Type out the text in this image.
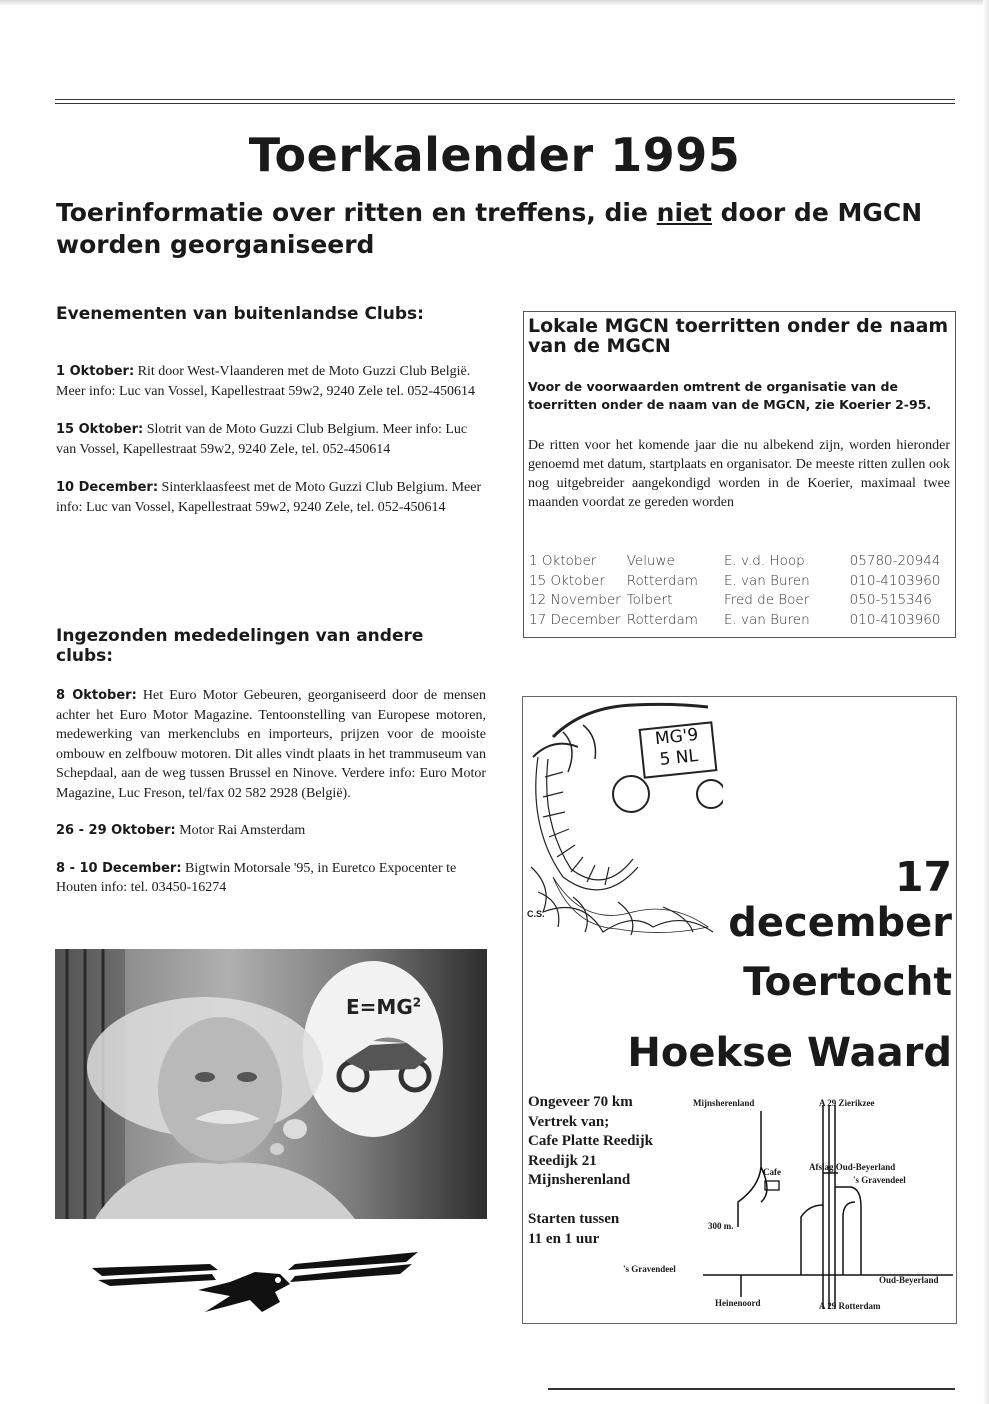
Toerkalender 1995
Toerinformatie over ritten en treffens, die niet door de MGCN
worden georganiseerd
Evenementen van buitenlandse Clubs:
1 Oktober: Rit door West-Vlaanderen met de Moto Guzzi Club België. Meer info: Luc van Vossel, Kapellestraat 59w2, 9240 Zele tel. 052-450614
15 Oktober: Slotrit van de Moto Guzzi Club Belgium. Meer info: Luc van Vossel, Kapellestraat 59w2, 9240 Zele, tel. 052-450614
10 December: Sinterklaasfeest met de Moto Guzzi Club Belgium. Meer info: Luc van Vossel, Kapellestraat 59w2, 9240 Zele, tel. 052-450614
Ingezonden mededelingen van andere clubs:
8 Oktober: Het Euro Motor Gebeuren, georganiseerd door de mensen achter het Euro Motor Magazine. Tentoonstelling van Europese motoren, medewerking van merkenclubs en importeurs, prijzen voor de mooiste ombouw en zelfbouw motoren. Dit alles vindt plaats in het trammuseum van Schepdaal, aan de weg tussen Brussel en Ninove. Verdere info: Euro Motor Magazine, Luc Freson, tel/fax 02 582 2928 (België).
26 - 29 Oktober: Motor Rai Amsterdam
8 - 10 December: Bigtwin Motorsale '95, in Euretco Expocenter te Houten info: tel. 03450-16274
Lokale MGCN toerritten onder de naam van de MGCN
Voor de voorwaarden omtrent de organisatie van de toerritten onder de naam van de MGCN, zie Koerier 2-95.
De ritten voor het komende jaar die nu albekend zijn, worden hieronder genoemd met datum, startplaats en organisator. De meeste ritten zullen ook nog uitgebreider aangekondigd worden in de Koerier, maximaal twee maanden voordat ze gereden worden
1 Oktober	Veluwe	E. v.d. Hoop	05780-20944
15 Oktober	Rotterdam	E. van Buren	010-4103960
12 November	Tolbert	Fred de Boer	050-515346
17 December	Rotterdam	E. van Buren	010-4103960
$E=MG^2$
MG'9
5 NL
C.S.
17
december
Toertocht
Hoekse Waard
Ongeveer 70 km
Vertrek van;
Cafe Platte Reedijk
Reedijk 21
Mijnsherenland
Starten tussen
11 en 1 uur
Mijnsherenland	A 29 Zierikzee
Afslag Oud-Beyerland
's Gravendeel
Cafe
300 m.
's Gravendeel
Oud-Beyerland
Heinenoord	A 29 Rotterdam
